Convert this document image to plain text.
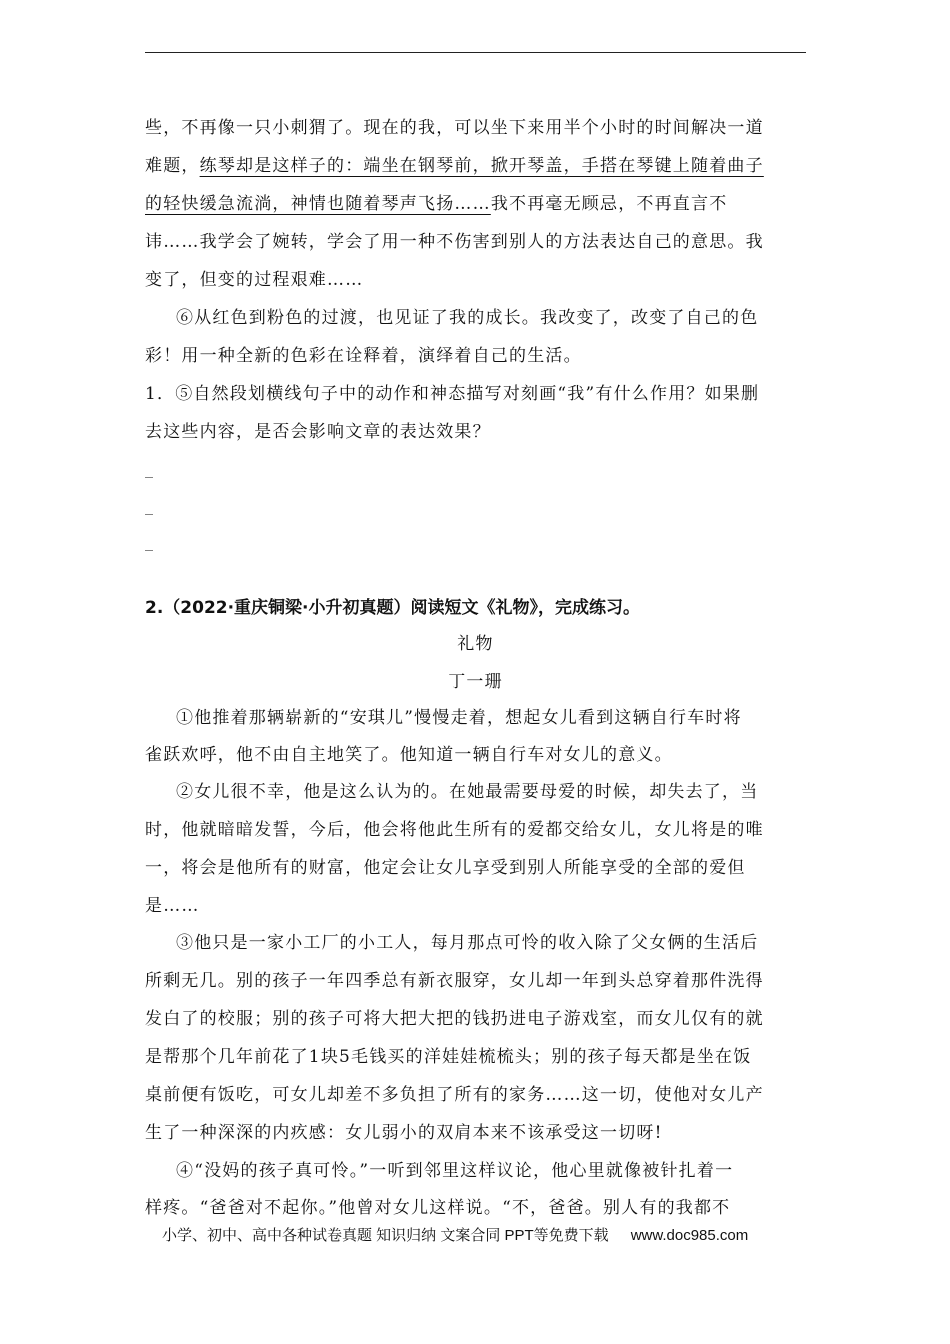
些，不再像一只小刺猬了。现在的我，可以坐下来用半个小时的时间解决一道
难题，练琴却是这样子的：端坐在钢琴前，掀开琴盖，手搭在琴键上随着曲子
的轻快缓急流淌，神情也随着琴声飞扬……我不再毫无顾忌，不再直言不
讳……我学会了婉转，学会了用一种不伤害到别人的方法表达自己的意思。我
变了，但变的过程艰难……
⑥从红色到粉色的过渡，也见证了我的成长。我改变了，改变了自己的色
彩！用一种全新的色彩在诠释着，演绎着自己的生活。
1．⑤自然段划横线句子中的动作和神态描写对刻画“我”有什么作用？如果删
去这些内容，是否会影响文章的表达效果？
_
_
_
2.（2022·重庆铜梁·小升初真题）阅读短文《礼物》，完成练习。
礼物
丁一珊
①他推着那辆崭新的“安琪儿”慢慢走着，想起女儿看到这辆自行车时将
雀跃欢呼，他不由自主地笑了。他知道一辆自行车对女儿的意义。
②女儿很不幸，他是这么认为的。在她最需要母爱的时候，却失去了，当
时，他就暗暗发誓，今后，他会将他此生所有的爱都交给女儿，女儿将是的唯
一，将会是他所有的财富，他定会让女儿享受到别人所能享受的全部的爱但
是……
③他只是一家小工厂的小工人，每月那点可怜的收入除了父女俩的生活后
所剩无几。别的孩子一年四季总有新衣服穿，女儿却一年到头总穿着那件洗得
发白了的校服；别的孩子可将大把大把的钱扔进电子游戏室，而女儿仅有的就
是帮那个几年前花了1块5毛钱买的洋娃娃梳梳头；别的孩子每天都是坐在饭
桌前便有饭吃，可女儿却差不多负担了所有的家务……这一切，使他对女儿产
生了一种深深的内疚感：女儿弱小的双肩本来不该承受这一切呀!
④“没妈的孩子真可怜。”一听到邻里这样议论，他心里就像被针扎着一
样疼。“爸爸对不起你。”他曾对女儿这样说。“不，爸爸。别人有的我都不
小学、初中、高中各种试卷真题 知识归纳 文案合同 PPT等免费下载 www.doc985.com
